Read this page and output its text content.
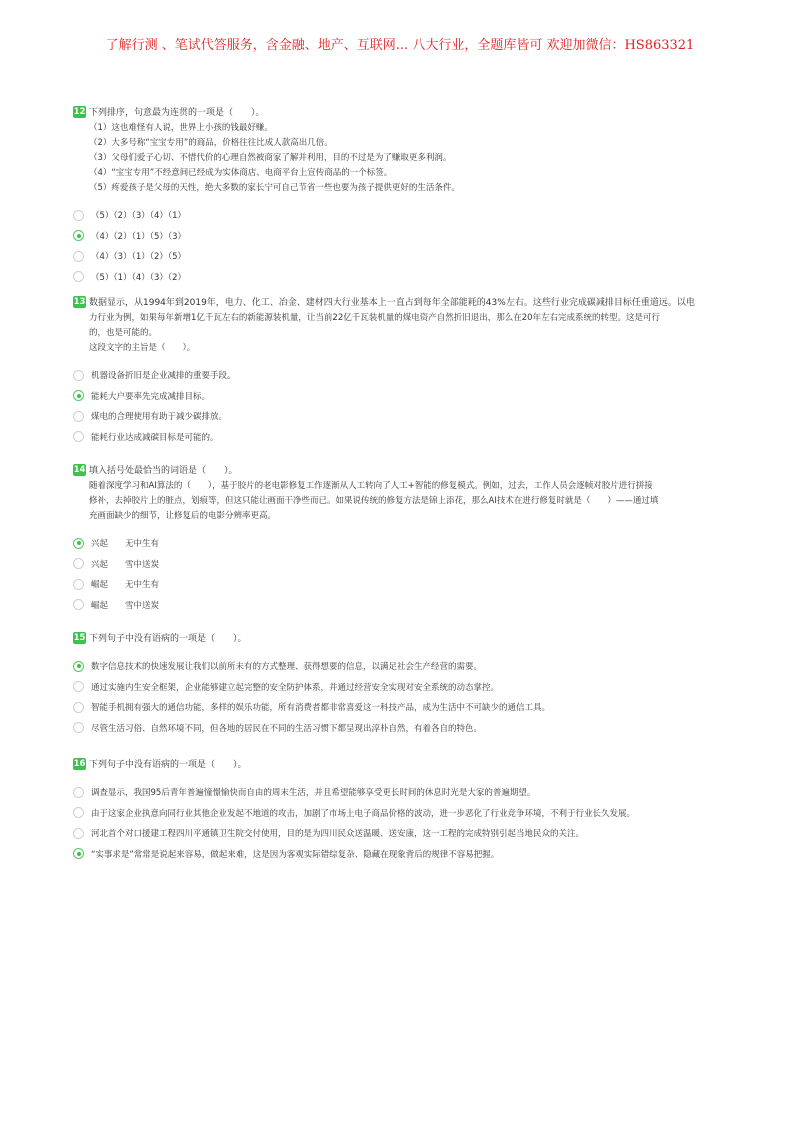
了解行测 、笔试代答服务，含金融、地产、互联网... 八大行业，全题库皆可 欢迎加微信：HS863321
12 下列排序，句意最为连贯的一项是（　　）。
（1）这也难怪有人说，世界上小孩的钱最好赚。
（2）大多号称“宝宝专用”的商品，价格往往比成人款高出几倍。
（3）父母们爱子心切、不惜代价的心理自然被商家了解并利用，目的不过是为了赚取更多利润。
（4）“宝宝专用”不经意间已经成为实体商店、电商平台上宣传商品的一个标签。
（5）疼爱孩子是父母的天性，绝大多数的家长宁可自己节省一些也要为孩子提供更好的生活条件。
（5）（2）（3）（4）（1）
（4）（2）（1）（5）（3）
（4）（3）（1）（2）（5）
（5）（1）（4）（3）（2）
13 数据显示，从1994年到2019年，电力、化工、冶金、建材四大行业基本上一直占到每年全部能耗的43%左右。这些行业完成碳减排目标任重道远。以电
力行业为例，如果每年新增1亿千瓦左右的新能源装机量，让当前22亿千瓦装机量的煤电资产自然折旧退出，那么在20年左右完成系统的转型。这是可行
的，也是可能的。
这段文字的主旨是（　　）。
机器设备折旧是企业减排的重要手段。
能耗大户要率先完成减排目标。
煤电的合理使用有助于减少碳排放。
能耗行业达成减碳目标是可能的。
14 填入括号处最恰当的词语是（　　）。
随着深度学习和AI算法的（　　），基于胶片的老电影修复工作逐渐从人工转向了人工+智能的修复模式。例如，过去，工作人员会逐帧对胶片进行拼接
修补，去掉胶片上的脏点，划痕等，但这只能让画面干净些而已。如果说传统的修复方法是锦上添花，那么AI技术在进行修复时就是（　　）——通过填
充画面缺少的细节，让修复后的电影分辨率更高。
兴起　　无中生有
兴起　　雪中送炭
崛起　　无中生有
崛起　　雪中送炭
15 下列句子中没有语病的一项是（　　）。
数字信息技术的快速发展让我们以前所未有的方式整理、获得想要的信息，以满足社会生产经营的需要。
通过实施内生安全框架，企业能够建立起完整的安全防护体系，并通过经营安全实现对安全系统的动态掌控。
智能手机拥有强大的通信功能，多样的娱乐功能，所有消费者都非常喜爱这一科技产品，成为生活中不可缺少的通信工具。
尽管生活习俗、自然环境不同，但各地的居民在不同的生活习惯下都呈现出淳朴自然，有着各自的特色。
16 下列句子中没有语病的一项是（　　）。
调查显示，我国95后青年普遍憧憬愉快而自由的周末生活，并且希望能够享受更长时间的休息时光是大家的普遍期望。
由于这家企业执意向同行业其他企业发起不地道的攻击，加剧了市场上电子商品价格的波动，进一步恶化了行业竞争环境，不利于行业长久发展。
河北首个对口援建工程四川平通镇卫生院交付使用，目的是为四川民众送温暖、送安康，这一工程的完成特别引起当地民众的关注。
“实事求是”常常是说起来容易，做起来难，这是因为客观实际错综复杂、隐藏在现象背后的规律不容易把握。
